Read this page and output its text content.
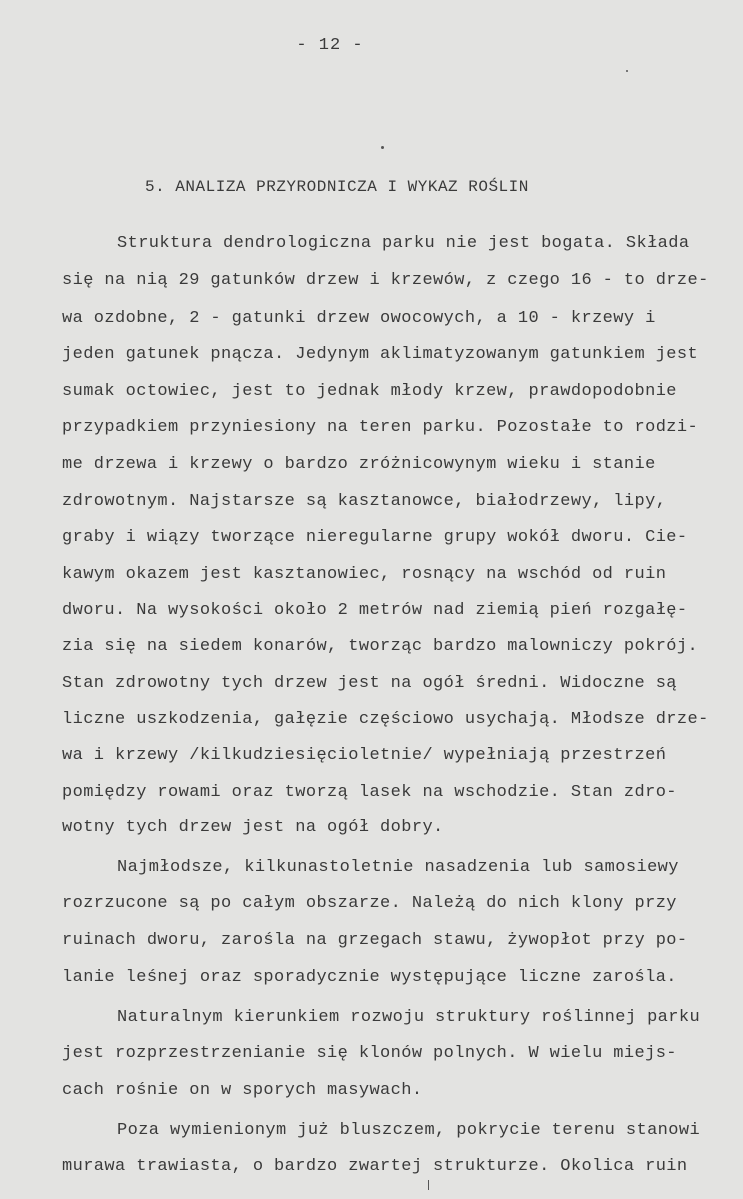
- 12 -
5. ANALIZA PRZYRODNICZA I WYKAZ ROŚLIN
Struktura dendrologiczna parku nie jest bogata. Składa
się na nią 29 gatunków drzew i krzewów, z czego 16 - to drze-
wa ozdobne, 2 - gatunki drzew owocowych, a 10 - krzewy i
jeden gatunek pnącza. Jedynym aklimatyzowanym gatunkiem jest
sumak octowiec, jest to jednak młody krzew, prawdopodobnie
przypadkiem przyniesiony na teren parku. Pozostałe to rodzi-
me drzewa i krzewy o bardzo zróżnicowynym wieku i stanie
zdrowotnym. Najstarsze są kasztanowce, białodrzewy, lipy,
graby i wiązy tworzące nieregularne grupy wokół dworu. Cie-
kawym okazem jest kasztanowiec, rosnący na wschód od ruin
dworu. Na wysokości około 2 metrów nad ziemią pień rozgałę-
zia się na siedem konarów, tworząc bardzo malowniczy pokrój.
Stan zdrowotny tych drzew jest na ogół średni. Widoczne są
liczne uszkodzenia, gałęzie częściowo usychają. Młodsze drze-
wa i krzewy /kilkudziesięcioletnie/ wypełniają przestrzeń
pomiędzy rowami oraz tworzą lasek na wschodzie. Stan zdro-
wotny tych drzew jest na ogół dobry.
Najmłodsze, kilkunastoletnie nasadzenia lub samosiewy
rozrzucone są po całym obszarze. Należą do nich klony przy
ruinach dworu, zarośla na grzegach stawu, żywopłot przy po-
lanie leśnej oraz sporadycznie występujące liczne zarośla.
Naturalnym kierunkiem rozwoju struktury roślinnej parku
jest rozprzestrzenianie się klonów polnych. W wielu miejs-
cach rośnie on w sporych masywach.
Poza wymienionym już bluszczem, pokrycie terenu stanowi
murawa trawiasta, o bardzo zwartej strukturze. Okolica ruin
